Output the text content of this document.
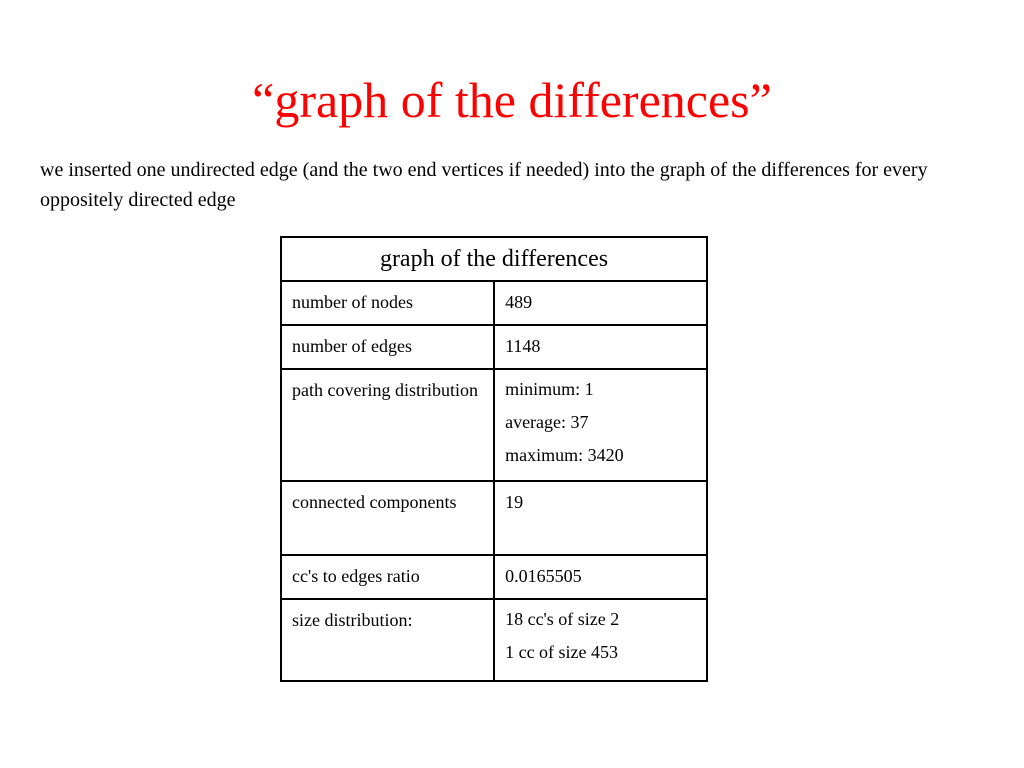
“graph of the differences”

we inserted one undirected edge (and the two end vertices if needed) into the graph of the differences for every oppositely directed edge

graph of the differences	
number of nodes	489
number of edges	1148
path covering distribution	minimum: 1
average: 37
maximum: 3420

connected components	19
cc's to edges ratio	0.0165505
size distribution:	18 cc's of size 2
1 cc of size 453
